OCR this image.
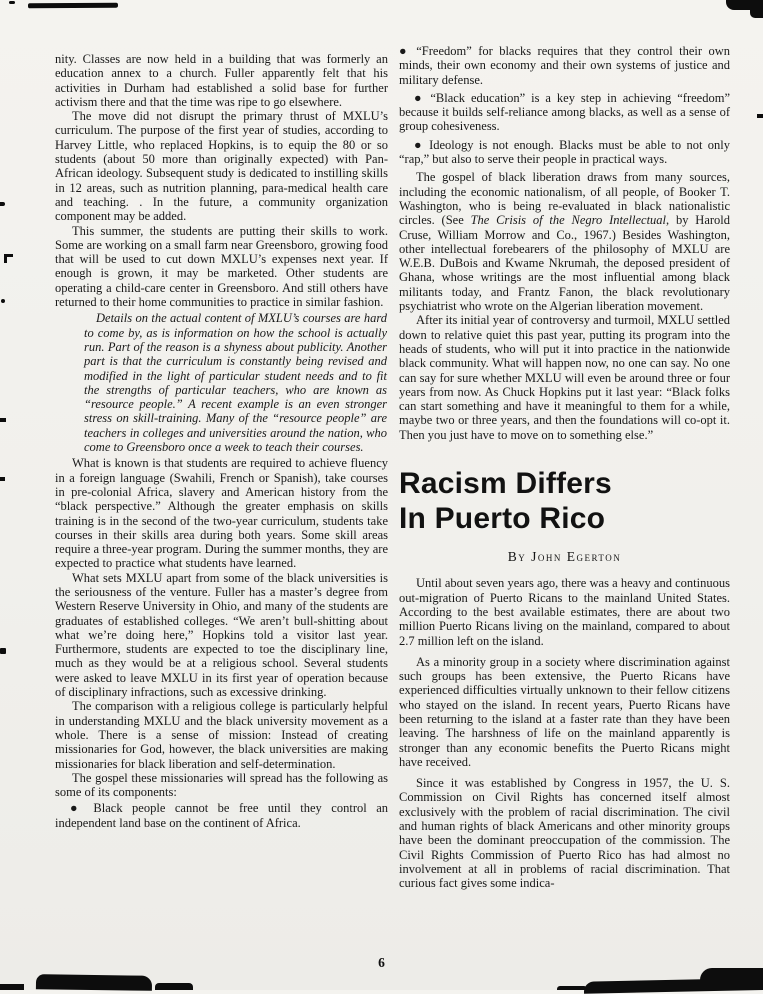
nity. Classes are now held in a building that was formerly an education annex to a church. Fuller apparently felt that his activities in Durham had established a solid base for further activism there and that the time was ripe to go elsewhere.

The move did not disrupt the primary thrust of MXLU’s curriculum. The purpose of the first year of studies, according to Harvey Little, who replaced Hopkins, is to equip the 80 or so students (about 50 more than originally expected) with Pan-African ideology. Subsequent study is dedicated to instilling skills in 12 areas, such as nutrition planning, para-medical health care and teaching. . In the future, a community organization component may be added.

This summer, the students are putting their skills to work. Some are working on a small farm near Greensboro, growing food that will be used to cut down MXLU’s expenses next year. If enough is grown, it may be marketed. Other students are operating a child-care center in Greensboro. And still others have returned to their home communities to practice in similar fashion.

Details on the actual content of MXLU’s courses are hard to come by, as is information on how the school is actually run. Part of the reason is a shyness about publicity. Another part is that the curriculum is constantly being revised and modified in the light of particular student needs and to fit the strengths of particular teachers, who are known as “resource people.” A recent example is an even stronger stress on skill-training. Many of the “resource people” are teachers in colleges and universities around the nation, who come to Greensboro once a week to teach their courses.

What is known is that students are required to achieve fluency in a foreign language (Swahili, French or Spanish), take courses in pre-colonial Africa, slavery and American history from the “black perspective.” Although the greater emphasis on skills training is in the second of the two-year curriculum, students take courses in their skills area during both years. Some skill areas require a three-year program. During the summer months, they are expected to practice what students have learned.

What sets MXLU apart from some of the black universities is the seriousness of the venture. Fuller has a master’s degree from Western Reserve University in Ohio, and many of the students are graduates of established colleges. “We aren’t bull-shitting about what we’re doing here,” Hopkins told a visitor last year. Furthermore, students are expected to toe the disciplinary line, much as they would be at a religious school. Several students were asked to leave MXLU in its first year of operation because of disciplinary infractions, such as excessive drinking.

The comparison with a religious college is particularly helpful in understanding MXLU and the black university movement as a whole. There is a sense of mission: Instead of creating missionaries for God, however, the black universities are making missionaries for black liberation and self-determination.

The gospel these missionaries will spread has the following as some of its components:

● Black people cannot be free until they control an independent land base on the continent of Africa.

● “Freedom” for blacks requires that they control their own minds, their own economy and their own systems of justice and military defense.

● “Black education” is a key step in achieving “freedom” because it builds self-reliance among blacks, as well as a sense of group cohesiveness.

● Ideology is not enough. Blacks must be able to not only “rap,” but also to serve their people in practical ways.

The gospel of black liberation draws from many sources, including the economic nationalism, of all people, of Booker T. Washington, who is being re-evaluated in black nationalistic circles. (See The Crisis of the Negro Intellectual, by Harold Cruse, William Morrow and Co., 1967.) Besides Washington, other intellectual forebearers of the philosophy of MXLU are W.E.B. DuBois and Kwame Nkrumah, the deposed president of Ghana, whose writings are the most influential among black militants today, and Frantz Fanon, the black revolutionary psychiatrist who wrote on the Algerian liberation movement.

After its initial year of controversy and turmoil, MXLU settled down to relative quiet this past year, putting its program into the heads of students, who will put it into practice in the nationwide black community. What will happen now, no one can say. No one can say for sure whether MXLU will even be around three or four years from now. As Chuck Hopkins put it last year: “Black folks can start something and have it meaningful to them for a while, maybe two or three years, and then the foundations will co-opt it. Then you just have to move on to something else.”

Racism Differs
In Puerto Rico
By John Egerton

Until about seven years ago, there was a heavy and continuous out-migration of Puerto Ricans to the mainland United States. According to the best available estimates, there are about two million Puerto Ricans living on the mainland, compared to about 2.7 million left on the island.

As a minority group in a society where discrimination against such groups has been extensive, the Puerto Ricans have experienced difficulties virtually unknown to their fellow citizens who stayed on the island. In recent years, Puerto Ricans have been returning to the island at a faster rate than they have been leaving. The harshness of life on the mainland apparently is stronger than any economic benefits the Puerto Ricans might have received.

Since it was established by Congress in 1957, the U. S. Commission on Civil Rights has concerned itself almost exclusively with the problem of racial discrimination. The civil and human rights of black Americans and other minority groups have been the dominant preoccupation of the commission. The Civil Rights Commission of Puerto Rico has had almost no involvement at all in problems of racial discrimination. That curious fact gives some indica-

6
